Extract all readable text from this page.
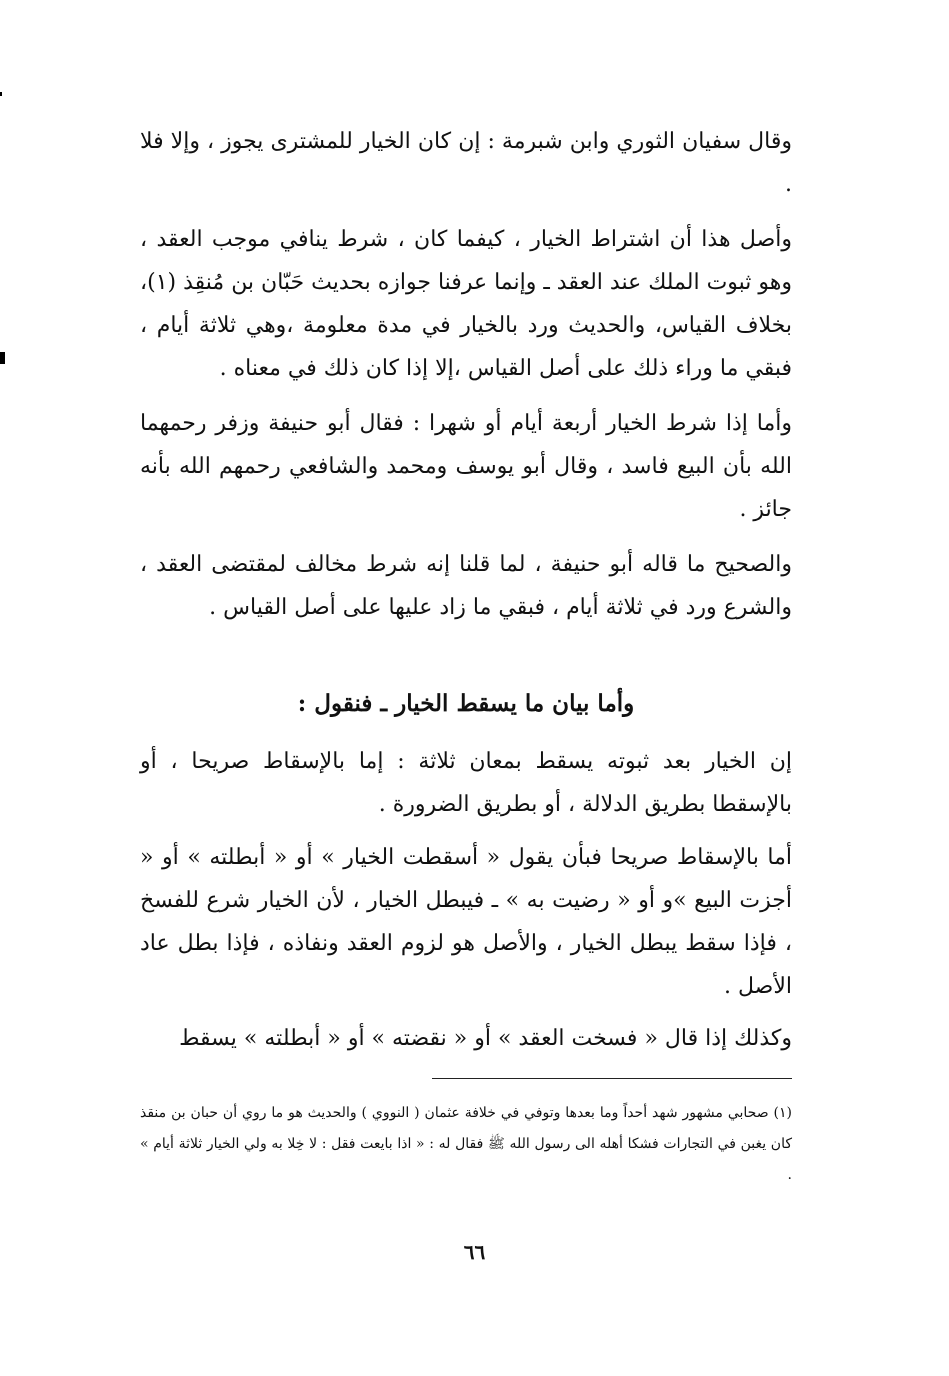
وقال سفيان الثوري وابن شبرمة : إن كان الخيار للمشترى يجوز ، وإلا فلا .

وأصل هذا أن اشتراط الخيار ، كيفما كان ، شرط ينافي موجب العقد ، وهو ثبوت الملك عند العقد ـ وإنما عرفنا جوازه بحديث حَبّان بن مُنقِذ (١)، بخلاف القياس، والحديث ورد بالخيار في مدة معلومة ،وهي ثلاثة أيام ، فبقي ما وراء ذلك على أصل القياس ،إلا إذا كان ذلك في معناه .

وأما إذا شرط الخيار أربعة أيام أو شهرا : فقال أبو حنيفة وزفر رحمهما الله بأن البيع فاسد ، وقال أبو يوسف ومحمد والشافعي رحمهم الله بأنه جائز .

والصحيح ما قاله أبو حنيفة ، لما قلنا إنه شرط مخالف لمقتضى العقد ، والشرع ورد في ثلاثة أيام ، فبقي ما زاد عليها على أصل القياس .

وأما بيان ما يسقط الخيار ـ فنقول :

إن الخيار بعد ثبوته يسقط بمعان ثلاثة : إما بالإسقاط صريحا ، أو بالإسقطا بطريق الدلالة ، أو بطريق الضرورة .

أما بالإسقاط صريحا فبأن يقول « أسقطت الخيار » أو « أبطلته » أو « أجزت البيع »و أو « رضيت به » ـ فيبطل الخيار ، لأن الخيار شرع للفسخ ، فإذا سقط يبطل الخيار ، والأصل هو لزوم العقد ونفاذه ، فإذا بطل عاد الأصل .

وكذلك إذا قال « فسخت العقد » أو « نقضته » أو « أبطلته » يسقط

(١) صحابي مشهور شهد أحداً وما بعدها وتوفي في خلافة عثمان ( النووي ) والحديث هو ما روي أن حبان بن منقذ كان يغبن في التجارات فشكا أهله الى رسول الله ﷺ فقال له : « اذا بايعت فقل : لا خِلا به ولي الخيار ثلاثة أيام » .

٦٦
